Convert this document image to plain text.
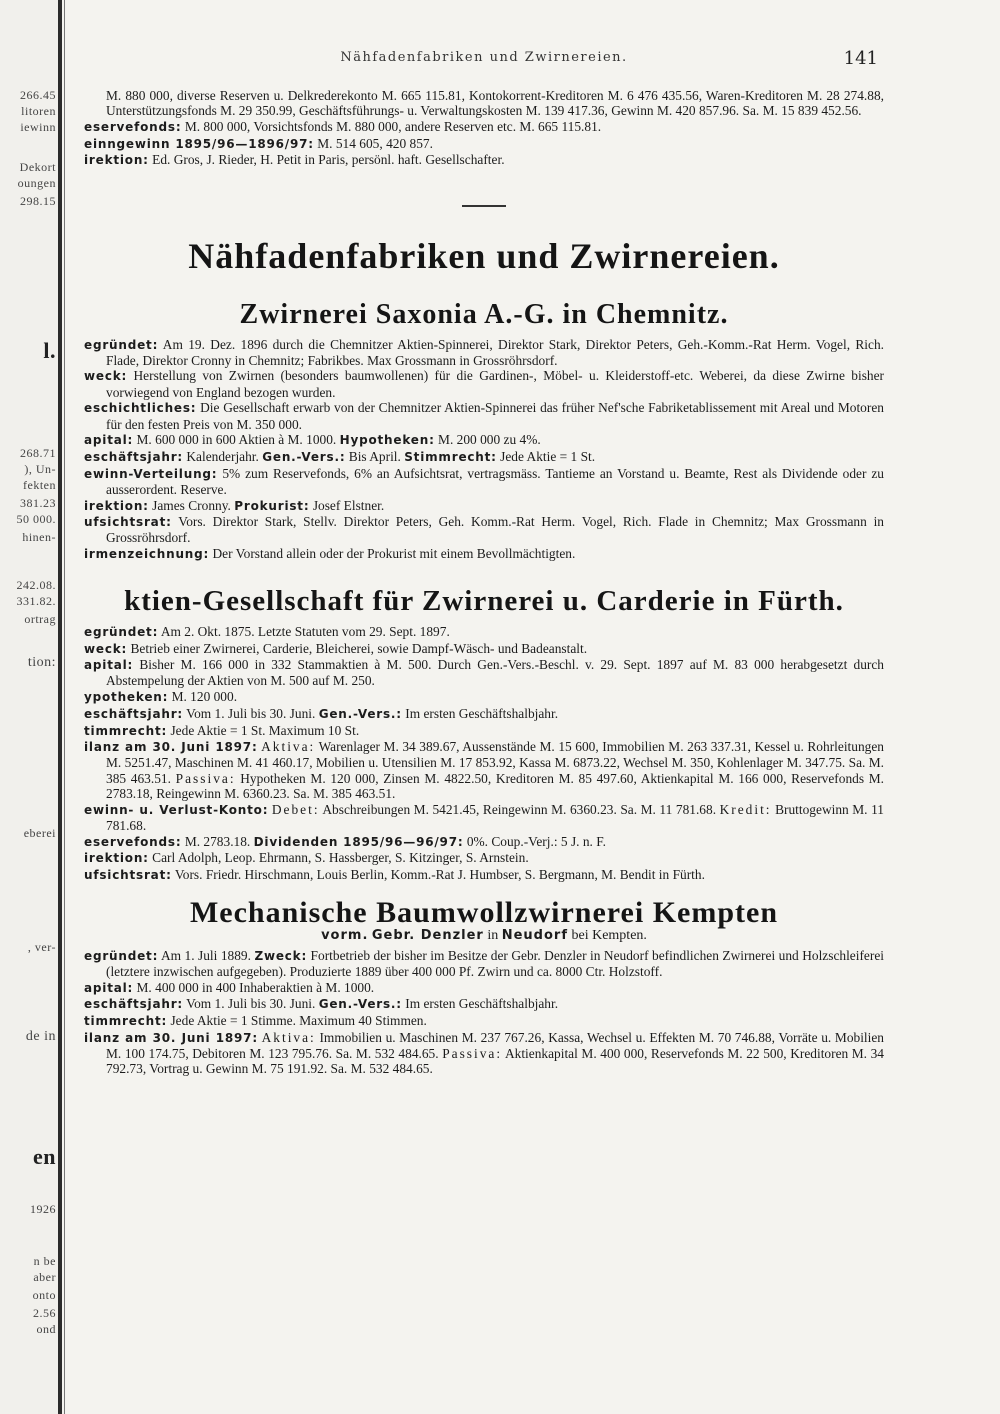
266.45
litoren
iewinn
Dekort
oungen
298.15
l.
268.71
), Un-
fekten
381.23
50 000.
hinen-
242.08.
331.82.
ortrag
tion:
eberei
, ver-
de in
en
1926
n be
aber
onto
2.56
ond
Nähfadenfabriken und Zwirnereien.	141

M. 880 000, diverse Reserven u. Delkrederekonto M. 665 115.81, Kontokorrent-Kreditoren M. 6 476 435.56, Waren-Kreditoren M. 28 274.88, Unterstützungsfonds M. 29 350.99, Geschäftsführungs- u. Verwaltungskosten M. 139 417.36, Gewinn M. 420 857.96. Sa. M. 15 839 452.56.

eservefonds: M. 800 000, Vorsichtsfonds M. 880 000, andere Reserven etc. M. 665 115.81.

einngewinn 1895/96—1896/97: M. 514 605, 420 857.

irektion: Ed. Gros, J. Rieder, H. Petit in Paris, persönl. haft. Gesellschafter.

Nähfadenfabriken und Zwirnereien.
Zwirnerei Saxonia A.-G. in Chemnitz.

egründet: Am 19. Dez. 1896 durch die Chemnitzer Aktien-Spinnerei, Direktor Stark, Direktor Peters, Geh.-Komm.-Rat Herm. Vogel, Rich. Flade, Direktor Cronny in Chemnitz; Fabrikbes. Max Grossmann in Grossröhrsdorf.

weck: Herstellung von Zwirnen (besonders baumwollenen) für die Gardinen-, Möbel- u. Kleiderstoff-etc. Weberei, da diese Zwirne bisher vorwiegend von England bezogen wurden.

eschichtliches: Die Gesellschaft erwarb von der Chemnitzer Aktien-Spinnerei das früher Nef'sche Fabriketablissement mit Areal und Motoren für den festen Preis von M. 350 000.

apital: M. 600 000 in 600 Aktien à M. 1000. Hypotheken: M. 200 000 zu 4%.

eschäftsjahr: Kalenderjahr. Gen.-Vers.: Bis April. Stimmrecht: Jede Aktie = 1 St.

ewinn-Verteilung: 5% zum Reservefonds, 6% an Aufsichtsrat, vertragsmäss. Tantieme an Vorstand u. Beamte, Rest als Dividende oder zu ausserordent. Reserve.

irektion: James Cronny. Prokurist: Josef Elstner.

ufsichtsrat: Vors. Direktor Stark, Stellv. Direktor Peters, Geh. Komm.-Rat Herm. Vogel, Rich. Flade in Chemnitz; Max Grossmann in Grossröhrsdorf.

irmenzeichnung: Der Vorstand allein oder der Prokurist mit einem Bevollmächtigten.

ktien-Gesellschaft für Zwirnerei u. Carderie in Fürth.

egründet: Am 2. Okt. 1875. Letzte Statuten vom 29. Sept. 1897.

weck: Betrieb einer Zwirnerei, Carderie, Bleicherei, sowie Dampf-Wäsch- und Badeanstalt.

apital: Bisher M. 166 000 in 332 Stammaktien à M. 500. Durch Gen.-Vers.-Beschl. v. 29. Sept. 1897 auf M. 83 000 herabgesetzt durch Abstempelung der Aktien von M. 500 auf M. 250.

ypotheken: M. 120 000.

eschäftsjahr: Vom 1. Juli bis 30. Juni. Gen.-Vers.: Im ersten Geschäftshalbjahr.

timmrecht: Jede Aktie = 1 St. Maximum 10 St.

ilanz am 30. Juni 1897: Aktiva: Warenlager M. 34 389.67, Aussenstände M. 15 600, Immobilien M. 263 337.31, Kessel u. Rohrleitungen M. 5251.47, Maschinen M. 41 460.17, Mobilien u. Utensilien M. 17 853.92, Kassa M. 6873.22, Wechsel M. 350, Kohlenlager M. 347.75. Sa. M. 385 463.51. Passiva: Hypotheken M. 120 000, Zinsen M. 4822.50, Kreditoren M. 85 497.60, Aktienkapital M. 166 000, Reservefonds M. 2783.18, Reingewinn M. 6360.23. Sa. M. 385 463.51.

ewinn- u. Verlust-Konto: Debet: Abschreibungen M. 5421.45, Reingewinn M. 6360.23. Sa. M. 11 781.68. Kredit: Bruttogewinn M. 11 781.68.

eservefonds: M. 2783.18. Dividenden 1895/96—96/97: 0%. Coup.-Verj.: 5 J. n. F.

irektion: Carl Adolph, Leop. Ehrmann, S. Hassberger, S. Kitzinger, S. Arnstein.

ufsichtsrat: Vors. Friedr. Hirschmann, Louis Berlin, Komm.-Rat J. Humbser, S. Bergmann, M. Bendit in Fürth.

Mechanische Baumwollzwirnerei Kempten
vorm. Gebr. Denzler in Neudorf bei Kempten.

egründet: Am 1. Juli 1889. Zweck: Fortbetrieb der bisher im Besitze der Gebr. Denzler in Neudorf befindlichen Zwirnerei und Holzschleiferei (letztere inzwischen aufgegeben). Produzierte 1889 über 400 000 Pf. Zwirn und ca. 8000 Ctr. Holzstoff.

apital: M. 400 000 in 400 Inhaberaktien à M. 1000.

eschäftsjahr: Vom 1. Juli bis 30. Juni. Gen.-Vers.: Im ersten Geschäftshalbjahr.

timmrecht: Jede Aktie = 1 Stimme. Maximum 40 Stimmen.

ilanz am 30. Juni 1897: Aktiva: Immobilien u. Maschinen M. 237 767.26, Kassa, Wechsel u. Effekten M. 70 746.88, Vorräte u. Mobilien M. 100 174.75, Debitoren M. 123 795.76. Sa. M. 532 484.65. Passiva: Aktienkapital M. 400 000, Reservefonds M. 22 500, Kreditoren M. 34 792.73, Vortrag u. Gewinn M. 75 191.92. Sa. M. 532 484.65.
